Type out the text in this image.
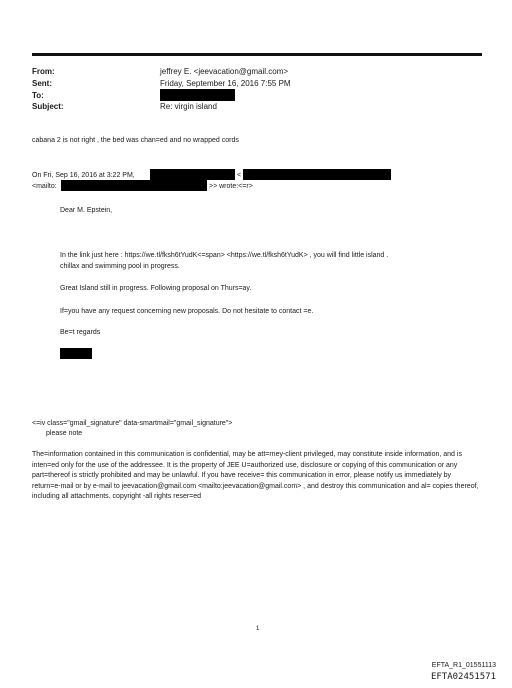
From:	jeffrey E. <jeevacation@gmail.com>
Sent:	Friday, September 16, 2016 7:55 PM
To:
Subject:	Re: virgin island
cabana 2 is not right , the bed was chan=ed and no wrapped cords
On Fri, Sep 16, 2016 at 3:22 PM,	<
<mailto:	>> wrote:<=r>
Dear M. Epstein,
In the link just here : https://we.tl/fksh6tYudK<=span> <https://we.tl/fksh6tYudK> , you will find little island .
chillax and swimming pool in progress.
Great Island still in progress. Following proposal on Thurs=ay.
If=you have any request concerning new proposals. Do not hesitate to contact =e.
Be=t regards
<=iv class="gmail_signature" data-smartmail="gmail_signature">
please note
The=information contained in this communication is confidential, may be att=rney-client privileged, may constitute inside information, and is inten=ed only for the use of the addressee. It is the property of JEE U=authorized use, disclosure or copying of this communication or any part=thereof is strictly prohibited and may be unlawful. If you have receive= this communication in error, please notify us immediately by return=e-mail or by e-mail to jeevacation@gmail.com <mailto:jeevacation@gmail.com> , and destroy this communication and al= copies thereof, including all attachments. copyright -all rights reser=ed
1
EFTA_R1_01551113
EFTA02451571
